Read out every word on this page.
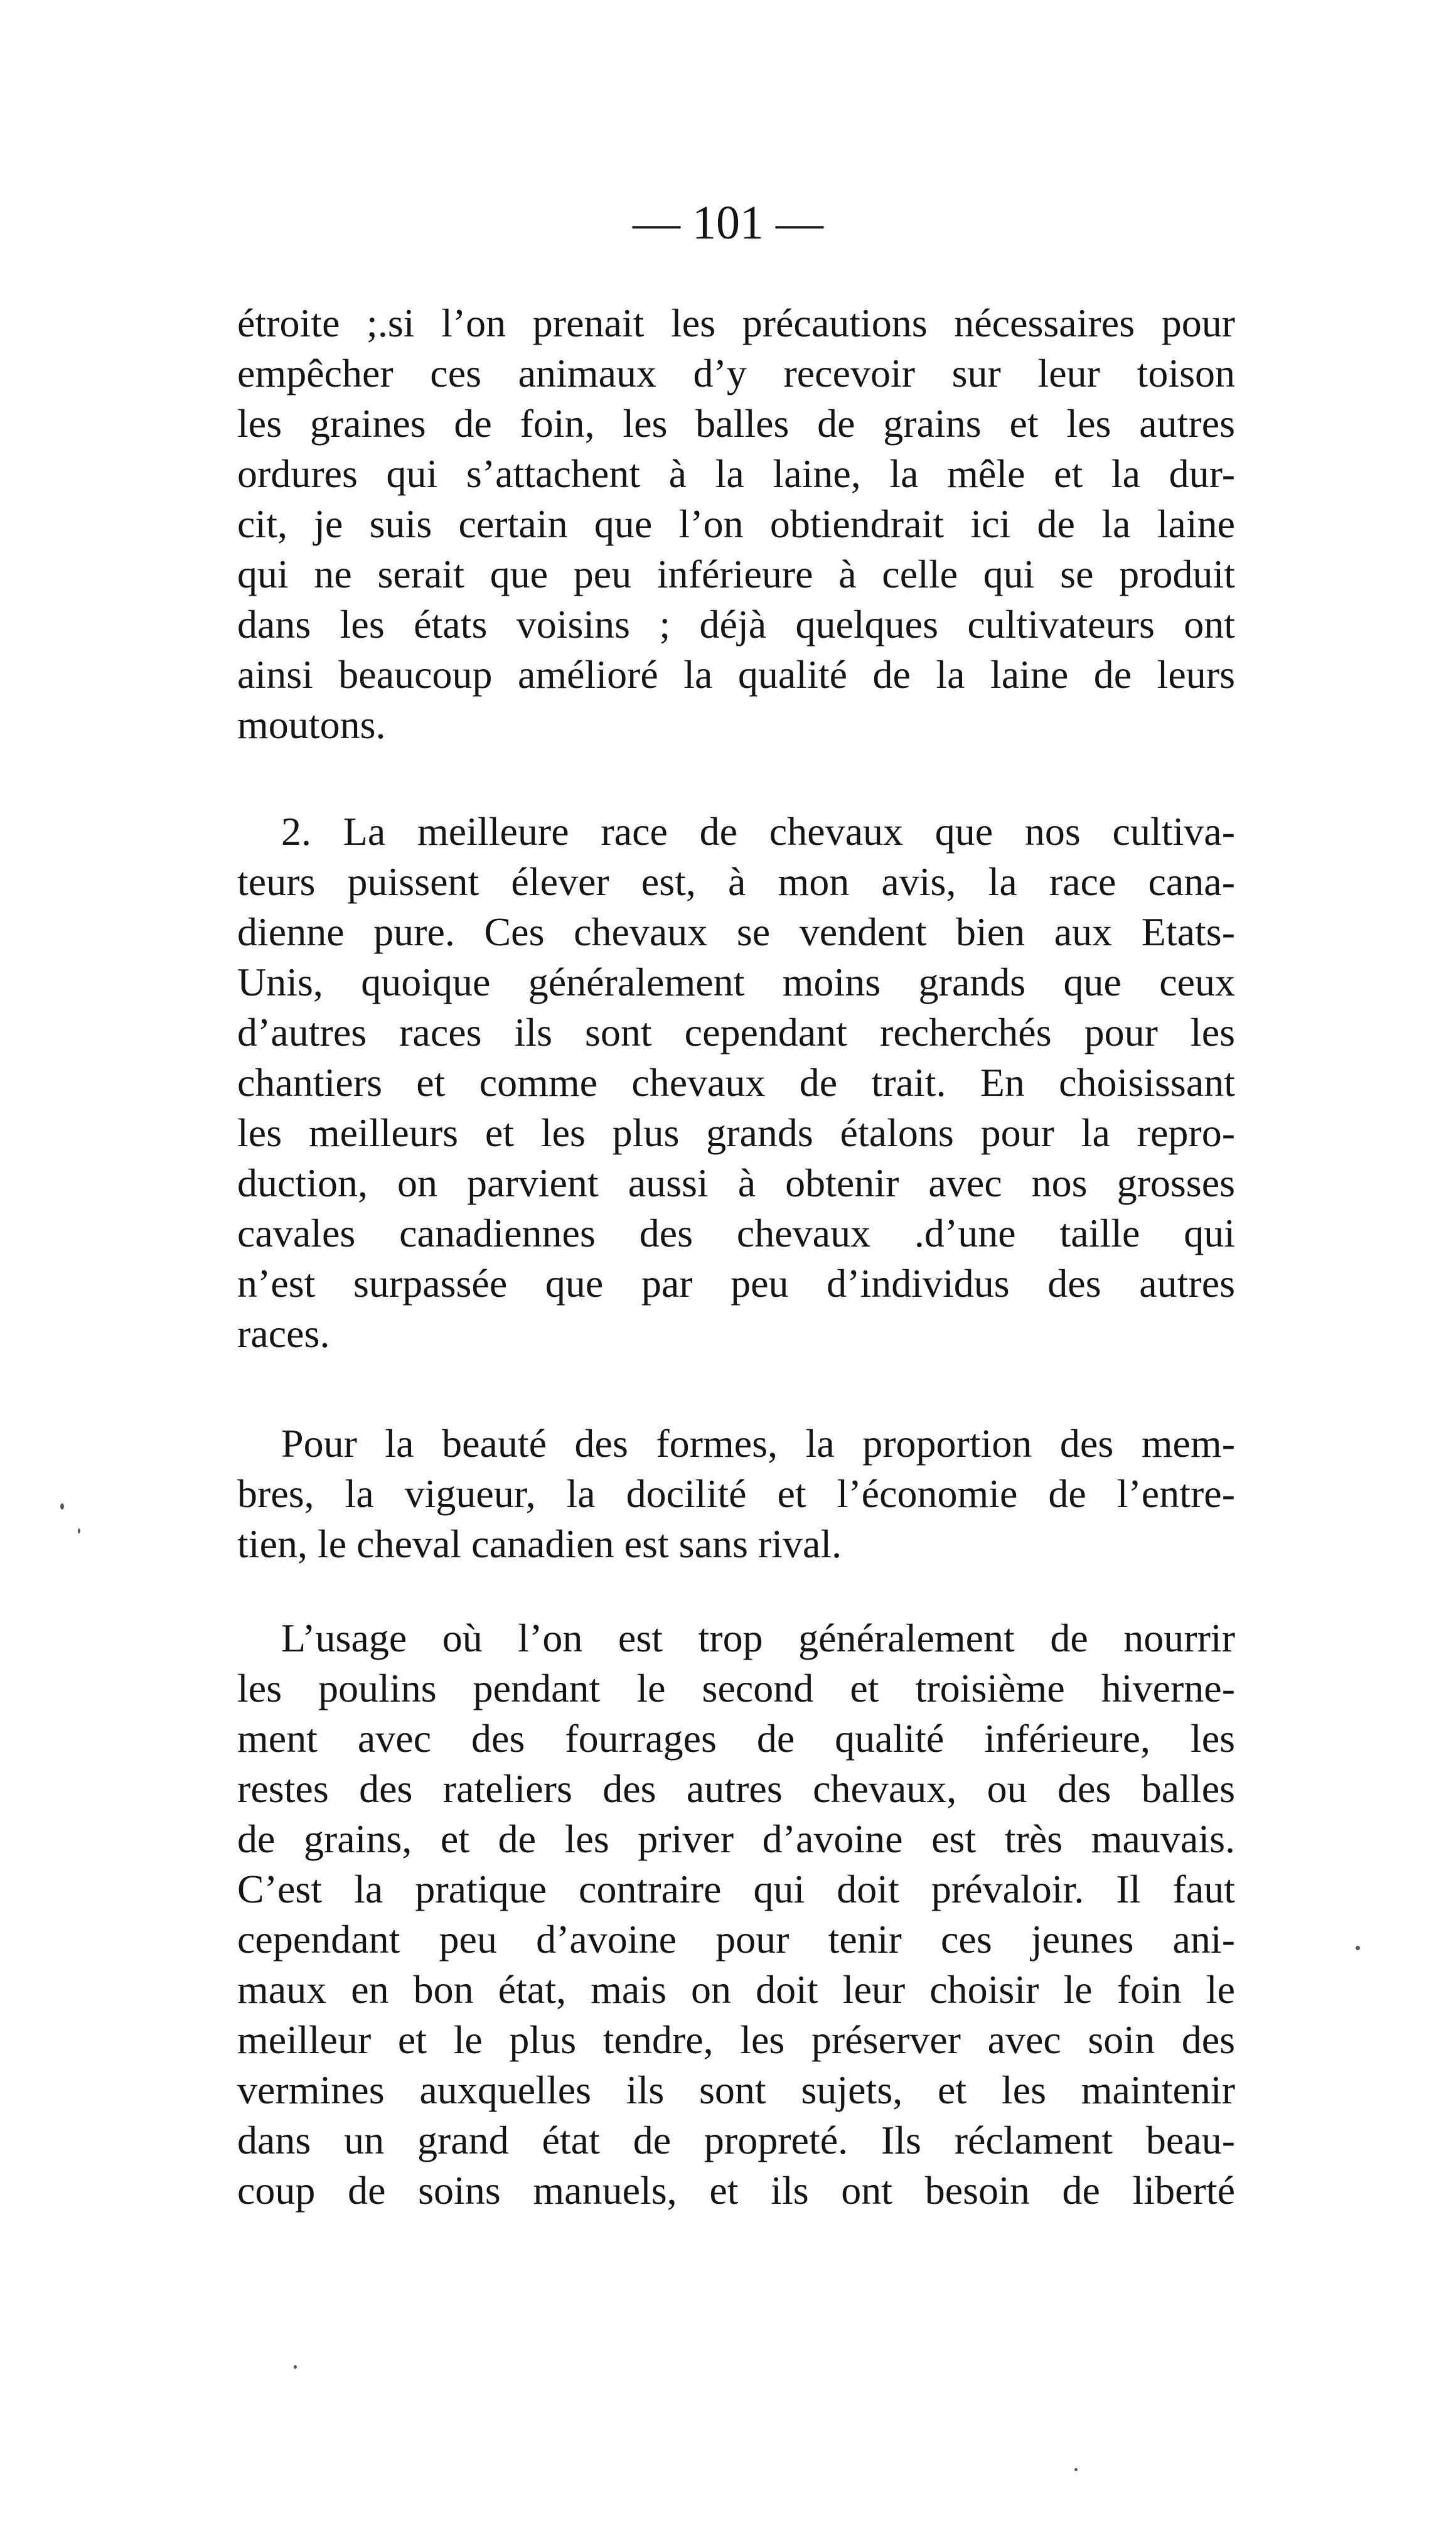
— 101 —
étroite ;.si l’on prenait les précautions nécessaires pour
empêcher ces animaux d’y recevoir sur leur toison
les graines de foin, les balles de grains et les autres
ordures qui s’attachent à la laine, la mêle et la dur-
cit, je suis certain que l’on obtiendrait ici de la laine
qui ne serait que peu inférieure à celle qui se produit
dans les états voisins ; déjà quelques cultivateurs ont
ainsi beaucoup amélioré la qualité de la laine de leurs
moutons.
2. La meilleure race de chevaux que nos cultiva-
teurs puissent élever est, à mon avis, la race cana-
dienne pure. Ces chevaux se vendent bien aux Etats-
Unis, quoique généralement moins grands que ceux
d’autres races ils sont cependant recherchés pour les
chantiers et comme chevaux de trait. En choisissant
les meilleurs et les plus grands étalons pour la repro-
duction, on parvient aussi à obtenir avec nos grosses
cavales canadiennes des chevaux .d’une taille qui
n’est surpassée que par peu d’individus des autres
races.
Pour la beauté des formes, la proportion des mem-
bres, la vigueur, la docilité et l’économie de l’entre-
tien, le cheval canadien est sans rival.
L’usage où l’on est trop généralement de nourrir
les poulins pendant le second et troisième hiverne-
ment avec des fourrages de qualité inférieure, les
restes des rateliers des autres chevaux, ou des balles
de grains, et de les priver d’avoine est très mauvais.
C’est la pratique contraire qui doit prévaloir. Il faut
cependant peu d’avoine pour tenir ces jeunes ani-
maux en bon état, mais on doit leur choisir le foin le
meilleur et le plus tendre, les préserver avec soin des
vermines auxquelles ils sont sujets, et les maintenir
dans un grand état de propreté. Ils réclament beau-
coup de soins manuels, et ils ont besoin de liberté
